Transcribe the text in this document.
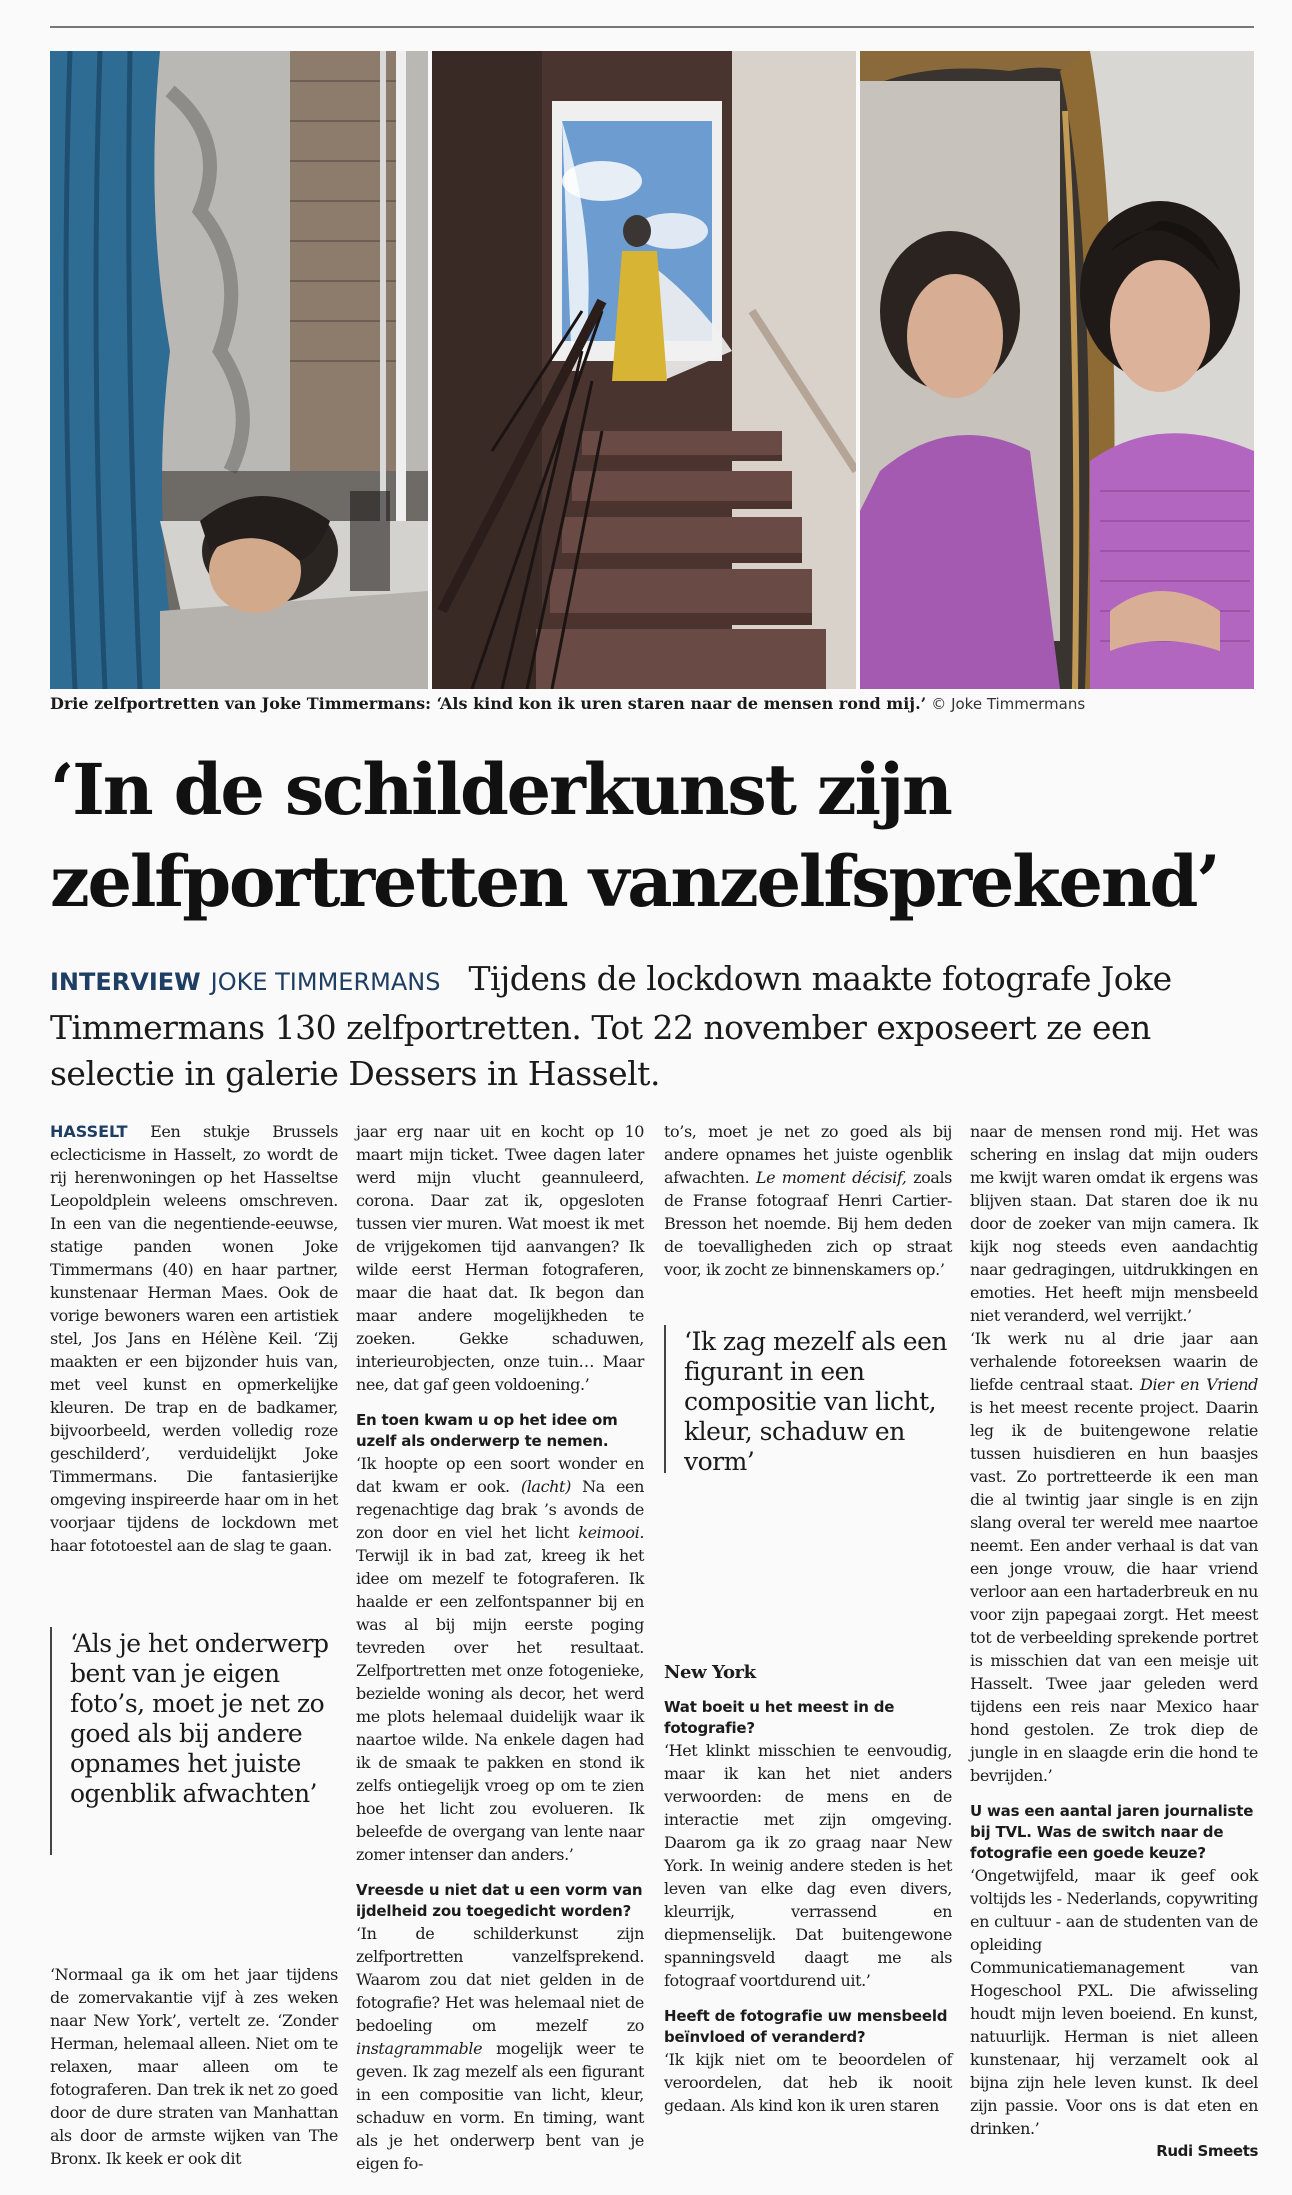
Drie zelfportretten van Joke Timmermans: ‘Als kind kon ik uren staren naar de mensen rond mij.’ © Joke Timmermans
‘In de schilderkunst zijn
zelfportretten vanzelfsprekend’
INTERVIEW JOKE TIMMERMANS Tijdens de lockdown maakte fotografe Joke Timmermans 130 zelfportretten. Tot 22 november exposeert ze een selectie in galerie Dessers in Hasselt.

HASSELT Een stukje Brussels eclecticisme in Hasselt, zo wordt de rij herenwoningen op het Hasseltse Leopoldplein weleens omschreven. In een van die negentiende-eeuwse, statige panden wonen Joke Timmermans (40) en haar partner, kunstenaar Herman Maes. Ook de vorige bewoners waren een artistiek stel, Jos Jans en Hélène Keil. ‘Zij maakten er een bijzonder huis van, met veel kunst en opmerkelijke kleuren. De trap en de badkamer, bijvoorbeeld, werden volledig roze geschilderd’, verduidelijkt Joke Timmermans. Die fantasierijke omgeving inspireerde haar om in het voorjaar tijdens de lockdown met haar fototoestel aan de slag te gaan.

‘Als je het onderwerp bent van je eigen foto’s, moet je net zo goed als bij andere opnames het juiste ogenblik afwachten’

‘Normaal ga ik om het jaar tijdens de zomervakantie vijf à zes weken naar New York’, vertelt ze. ‘Zonder Herman, helemaal alleen. Niet om te relaxen, maar alleen om te fotograferen. Dan trek ik net zo goed door de dure straten van Manhattan als door de armste wijken van The Bronx. Ik keek er ook dit

jaar erg naar uit en kocht op 10 maart mijn ticket. Twee dagen later werd mijn vlucht geannuleerd, corona. Daar zat ik, opgesloten tussen vier muren. Wat moest ik met de vrijgekomen tijd aanvangen? Ik wilde eerst Herman fotograferen, maar die haat dat. Ik begon dan maar andere mogelijkheden te zoeken. Gekke schaduwen, interieurobjecten, onze tuin… Maar nee, dat gaf geen voldoening.’

En toen kwam u op het idee om uzelf als onderwerp te nemen.

‘Ik hoopte op een soort wonder en dat kwam er ook. (lacht) Na een regenachtige dag brak ’s avonds de zon door en viel het licht keimooi. Terwijl ik in bad zat, kreeg ik het idee om mezelf te fotograferen. Ik haalde er een zelfontspanner bij en was al bij mijn eerste poging tevreden over het resultaat. Zelfportretten met onze fotogenieke, bezielde woning als decor, het werd me plots helemaal duidelijk waar ik naartoe wilde. Na enkele dagen had ik de smaak te pakken en stond ik zelfs ontiegelijk vroeg op om te zien hoe het licht zou evolueren. Ik beleefde de overgang van lente naar zomer intenser dan anders.’

Vreesde u niet dat u een vorm van ijdelheid zou toegedicht worden?

‘In de schilderkunst zijn zelfportretten vanzelfsprekend. Waarom zou dat niet gelden in de fotografie? Het was helemaal niet de bedoeling om mezelf zo instagrammable mogelijk weer te geven. Ik zag mezelf als een figurant in een compositie van licht, kleur, schaduw en vorm. En timing, want als je het onderwerp bent van je eigen fo-

to’s, moet je net zo goed als bij andere opnames het juiste ogenblik afwachten. Le moment décisif, zoals de Franse fotograaf Henri Cartier-Bresson het noemde. Bij hem deden de toevalligheden zich op straat voor, ik zocht ze binnenskamers op.’

‘Ik zag mezelf als een figurant in een compositie van licht, kleur, schaduw en vorm’

New York

Wat boeit u het meest in de fotografie?

‘Het klinkt misschien te eenvoudig, maar ik kan het niet anders verwoorden: de mens en de interactie met zijn omgeving. Daarom ga ik zo graag naar New York. In weinig andere steden is het leven van elke dag even divers, kleurrijk, verrassend en diepmenselijk. Dat buitengewone spanningsveld daagt me als fotograaf voortdurend uit.’

Heeft de fotografie uw mensbeeld beïnvloed of veranderd?

‘Ik kijk niet om te beoordelen of veroordelen, dat heb ik nooit gedaan. Als kind kon ik uren staren

naar de mensen rond mij. Het was schering en inslag dat mijn ouders me kwijt waren omdat ik ergens was blijven staan. Dat staren doe ik nu door de zoeker van mijn camera. Ik kijk nog steeds even aandachtig naar gedragingen, uitdrukkingen en emoties. Het heeft mijn mensbeeld niet veranderd, wel verrijkt.’

‘Ik werk nu al drie jaar aan verhalende fotoreeksen waarin de liefde centraal staat. Dier en Vriend is het meest recente project. Daarin leg ik de buitengewone relatie tussen huisdieren en hun baasjes vast. Zo portretteerde ik een man die al twintig jaar single is en zijn slang overal ter wereld mee naartoe neemt. Een ander verhaal is dat van een jonge vrouw, die haar vriend verloor aan een hartaderbreuk en nu voor zijn papegaai zorgt. Het meest tot de verbeelding sprekende portret is misschien dat van een meisje uit Hasselt. Twee jaar geleden werd tijdens een reis naar Mexico haar hond gestolen. Ze trok diep de jungle in en slaagde erin die hond te bevrijden.’

U was een aantal jaren journaliste bij TVL. Was de switch naar de fotografie een goede keuze?

‘Ongetwijfeld, maar ik geef ook voltijds les - Nederlands, copywriting en cultuur - aan de studenten van de opleiding Communicatiemanagement van Hogeschool PXL. Die afwisseling houdt mijn leven boeiend. En kunst, natuurlijk. Herman is niet alleen kunstenaar, hij verzamelt ook al bijna zijn hele leven kunst. Ik deel zijn passie. Voor ons is dat eten en drinken.’

Rudi Smeets
